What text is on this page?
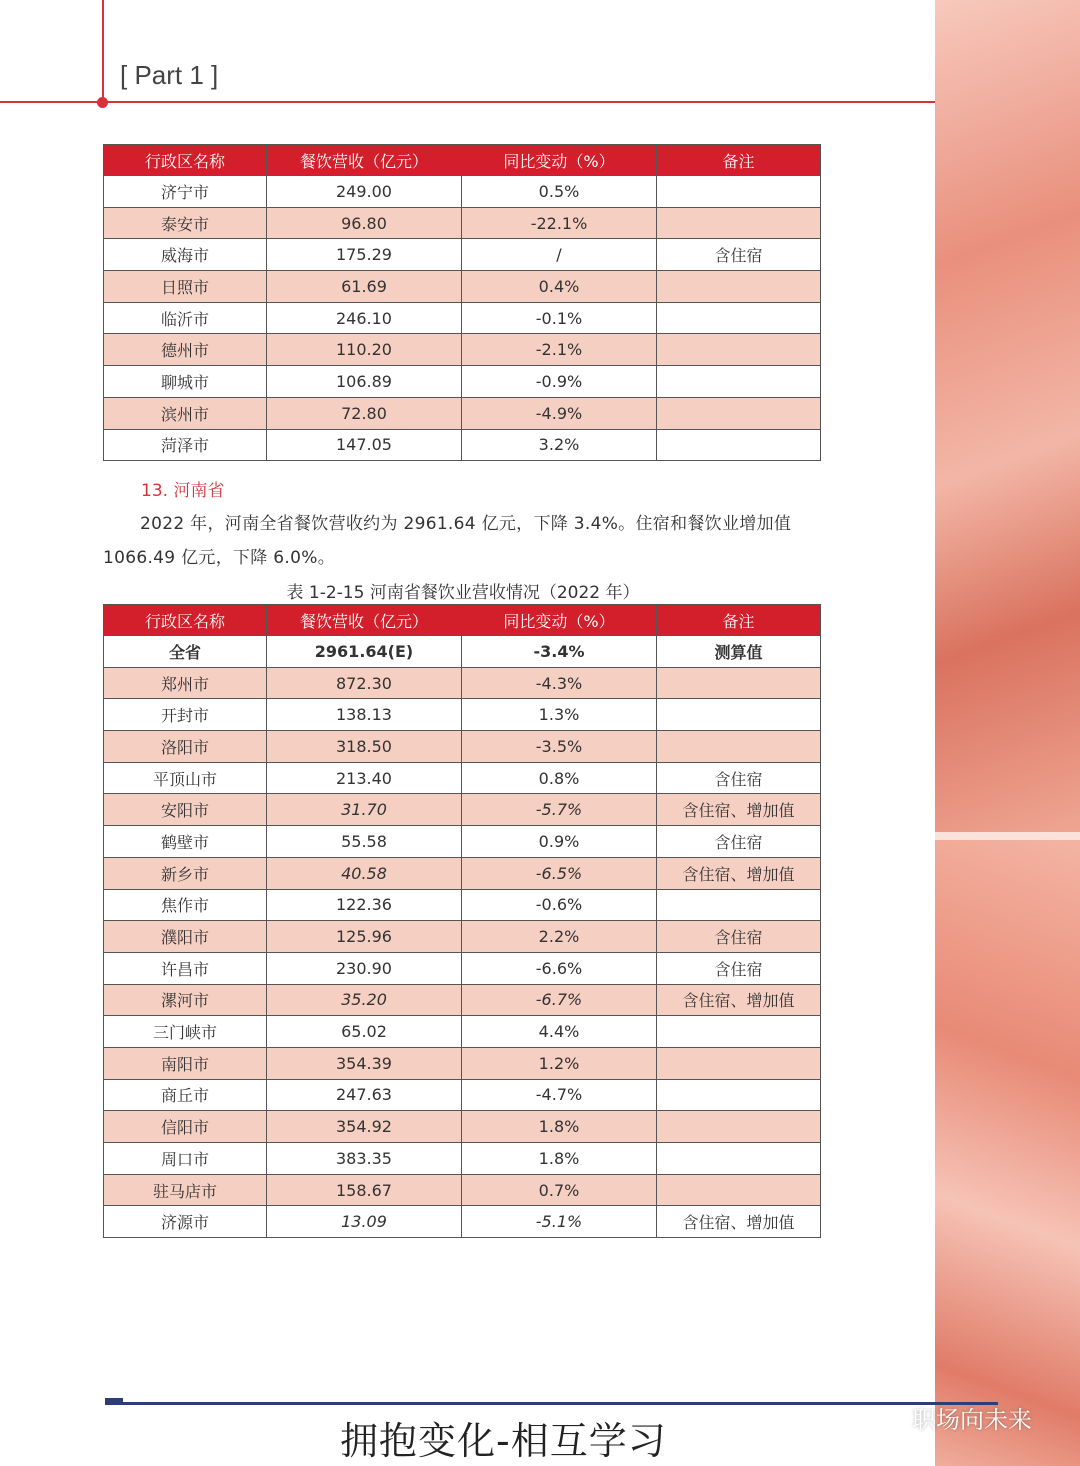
[ Part 1 ]
行政区名称	餐饮营收（亿元）	同比变动（%）	备注
济宁市	249.00	0.5%	
泰安市	96.80	-22.1%	
威海市	175.29	/	含住宿
日照市	61.69	0.4%	
临沂市	246.10	-0.1%	
德州市	110.20	-2.1%	
聊城市	106.89	-0.9%	
滨州市	72.80	-4.9%	
菏泽市	147.05	3.2%	
13. 河南省
2022 年，河南全省餐饮营收约为 2961.64 亿元，下降 3.4%。住宿和餐饮业增加值 1066.49 亿元，下降 6.0%。
表 1-2-15 河南省餐饮业营收情况（2022 年）
行政区名称	餐饮营收（亿元）	同比变动（%）	备注
全省	2961.64(E)	-3.4%	测算值
郑州市	872.30	-4.3%	
开封市	138.13	1.3%	
洛阳市	318.50	-3.5%	
平顶山市	213.40	0.8%	含住宿
安阳市	31.70	-5.7%	含住宿、增加值
鹤壁市	55.58	0.9%	含住宿
新乡市	40.58	-6.5%	含住宿、增加值
焦作市	122.36	-0.6%	
濮阳市	125.96	2.2%	含住宿
许昌市	230.90	-6.6%	含住宿
漯河市	35.20	-6.7%	含住宿、增加值
三门峡市	65.02	4.4%	
南阳市	354.39	1.2%	
商丘市	247.63	-4.7%	
信阳市	354.92	1.8%	
周口市	383.35	1.8%	
驻马店市	158.67	0.7%	
济源市	13.09	-5.1%	含住宿、增加值
拥抱变化-相互学习	职场向未来
